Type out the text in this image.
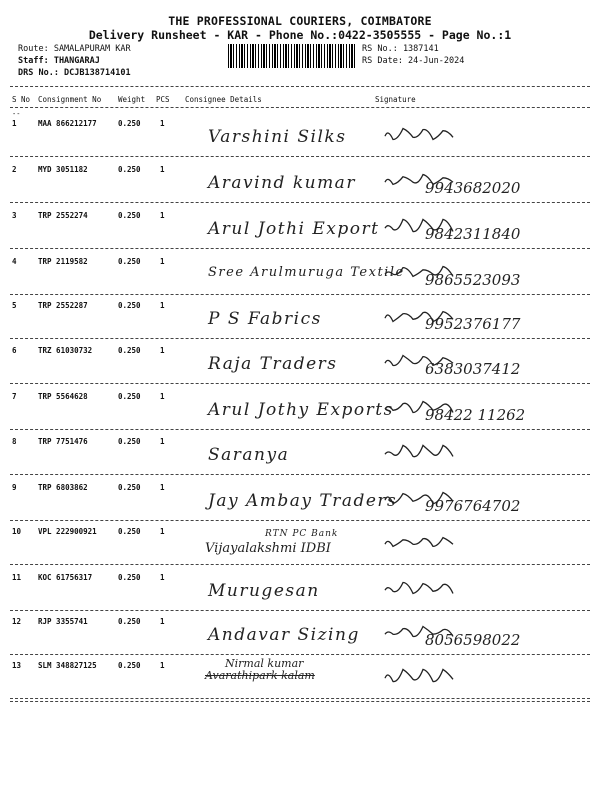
THE PROFESSIONAL COURIERS, COIMBATORE
Delivery Runsheet - KAR - Phone No.:0422-3505555 - Page No.:1
Route: SAMALAPURAM KAR
Staff: THANGARAJ
DRS No.: DCJB138714101
RS No.: 1387141
RS Date: 24-Jun-2024
S No Consignment No Weight PCS Consignee Details	Signature
--
1	MAA 866212177	0.250	1
Varshini Silks
2	MYD 3051182	0.250	1
Aravind kumar	9943682020
3	TRP 2552274	0.250	1
Arul Jothi Export	9842311840
4	TRP 2119582	0.250	1
Sree Arulmuruga Textile 9865523093
5	TRP 2552287	0.250	1
P S Fabrics	9952376177
6	TRZ 61030732	0.250	1
Raja Traders	6383037412
7	TRP 5564628	0.250	1
Arul Jothy Exports 98422 11262
8	TRP 7751476	0.250	1
Saranya
9	TRP 6803862	0.250	1
Jay Ambay Traders 9976764702
10 VPL 222900921	0.250	1	RTN PC Bank
Vijayalakshmi IDBI
11 KOC 61756317	0.250	1
Murugesan
12 RJP 3355741	0.250	1
Andavar Sizing	8056598022
13 SLM 348827125	0.250	1	Nirmal kumar
Avarathipark kalam
